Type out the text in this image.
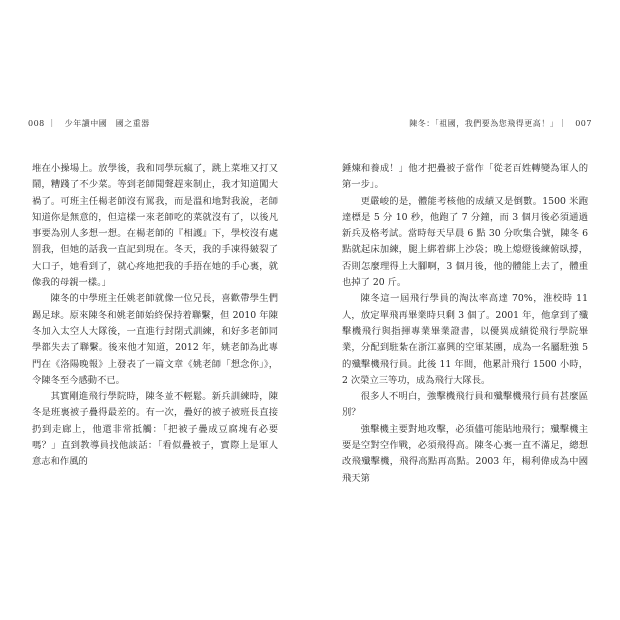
008 ｜　少年讀中國　國之重器	陳冬：「祖國，我們要為您飛得更高！」｜　007

堆在小操場上。放學後，我和同學玩瘋了，跳上菜堆又打又鬧，糟踐了不少菜。等到老師聞聲趕來制止，我才知道闖大禍了。可班主任楊老師沒有罵我，而是溫和地對我說，老師知道你是無意的，但這樣一來老師吃的菜就沒有了，以後凡事要為別人多想一想。在楊老師的『相護』下，學校沒有處罰我，但她的話我一直記到現在。冬天，我的手凍得皴裂了大口子，她看到了，就心疼地把我的手捂在她的手心裏，就像我的母親一樣。」

陳冬的中學班主任姚老師就像一位兄長，喜歡帶學生們踢足球。原來陳冬和姚老師始終保持着聯繫，但 2010 年陳冬加入太空人大隊後，一直進行封閉式訓練，和好多老師同學都失去了聯繫。後來他才知道，2012 年，姚老師為此專門在《洛陽晚報》上發表了一篇文章《姚老師「想念你」》，令陳冬至今感動不已。

其實剛進飛行學院時，陳冬並不輕鬆。新兵訓練時，陳冬是班裏被子疊得最差的。有一次，疊好的被子被班長直接扔到走廊上，他還非常抵觸：「把被子疊成豆腐塊有必要嗎？」直到教導員找他談話：「看似疊被子，實際上是軍人意志和作風的

錘煉和養成！」他才把疊被子當作「從老百姓轉變為軍人的第一步」。

更嚴峻的是，體能考核他的成績又是倒數。1500 米跑達標是 5 分 10 秒，他跑了 7 分鐘，而 3 個月後必須通過新兵及格考試。當時每天早晨 6 點 30 分吹集合號，陳冬 6 點就起床加練，腿上綁着綁上沙袋；晚上熄燈後練俯臥撐，否則怎麼理得上大腳啊，3 個月後，他的體能上去了，體重也掉了 20 斤。

陳冬這一屆飛行學員的淘汰率高達 70%，淮校時 11 人，放定單飛再畢業時只剩 3 個了。2001 年，他拿到了殲擊機飛行與指揮專業畢業證書，以優異成績從飛行學院畢業，分配到駐紮在浙江嘉興的空軍某團，成為一名屬駐強 5 的殲擊機飛行員。此後 11 年間，他累計飛行 1500 小時，2 次榮立三等功，成為飛行大隊長。

很多人不明白，強擊機飛行員和殲擊機飛行員有甚麼區別？

強擊機主要對地攻擊，必須儘可能貼地飛行；殲擊機主要是空對空作戰，必須飛得高。陳冬心裏一直不滿足，總想改飛殲擊機，飛得高點再高點。2003 年，楊利偉成為中國飛天第
